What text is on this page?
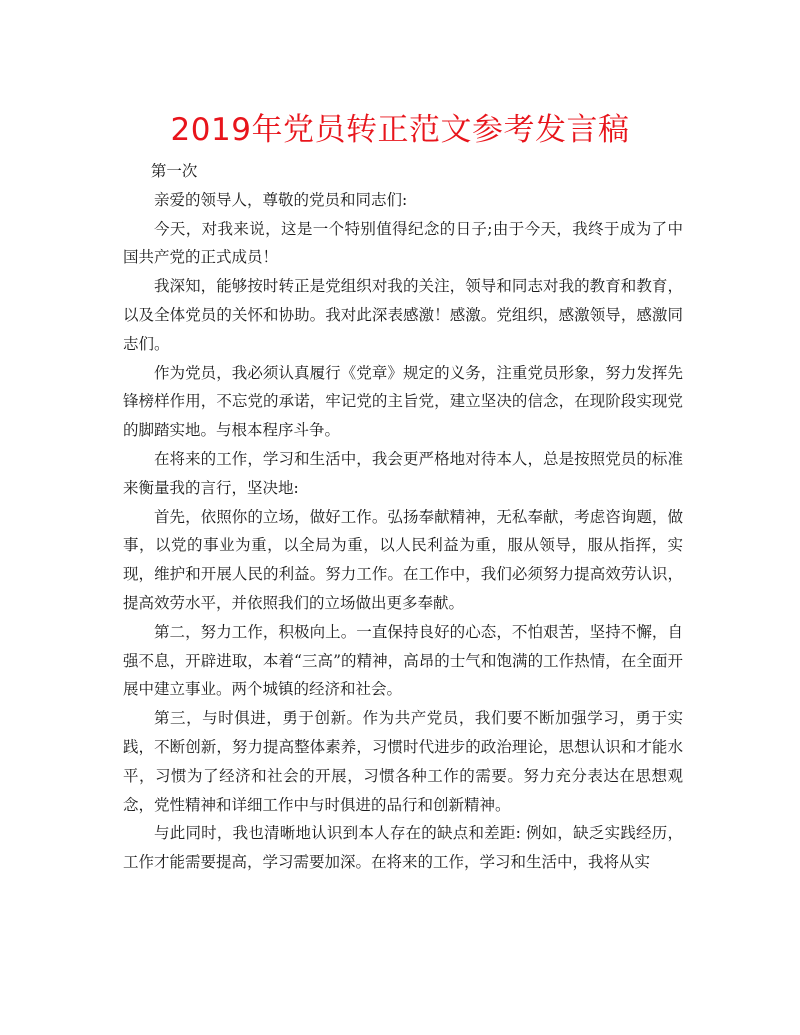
2019年党员转正范文参考发言稿

第一次

亲爱的领导人，尊敬的党员和同志们:

今天，对我来说，这是一个特别值得纪念的日子;由于今天，我终于成为了中国共产党的正式成员！

我深知，能够按时转正是党组织对我的关注，领导和同志对我的教育和教育，以及全体党员的关怀和协助。我对此深表感激！感激。党组织，感激领导，感激同志们。

作为党员，我必须认真履行《党章》规定的义务，注重党员形象，努力发挥先锋榜样作用，不忘党的承诺，牢记党的主旨党，建立坚决的信念，在现阶段实现党的脚踏实地。与根本程序斗争。

在将来的工作，学习和生活中，我会更严格地对待本人，总是按照党员的标准来衡量我的言行，坚决地:

首先，依照你的立场，做好工作。弘扬奉献精神，无私奉献，考虑咨询题，做事，以党的事业为重，以全局为重，以人民利益为重，服从领导，服从指挥，实现，维护和开展人民的利益。努力工作。在工作中，我们必须努力提高效劳认识，提高效劳水平，并依照我们的立场做出更多奉献。

第二，努力工作，积极向上。一直保持良好的心态，不怕艰苦，坚持不懈，自强不息，开辟进取，本着“三高”的精神，高昂的士气和饱满的工作热情，在全面开展中建立事业。两个城镇的经济和社会。

第三，与时俱进，勇于创新。作为共产党员，我们要不断加强学习，勇于实践，不断创新，努力提高整体素养，习惯时代进步的政治理论，思想认识和才能水平，习惯为了经济和社会的开展，习惯各种工作的需要。努力充分表达在思想观念，党性精神和详细工作中与时俱进的品行和创新精神。

与此同时，我也清晰地认识到本人存在的缺点和差距: 例如，缺乏实践经历，工作才能需要提高，学习需要加深。在将来的工作，学习和生活中，我将从实
